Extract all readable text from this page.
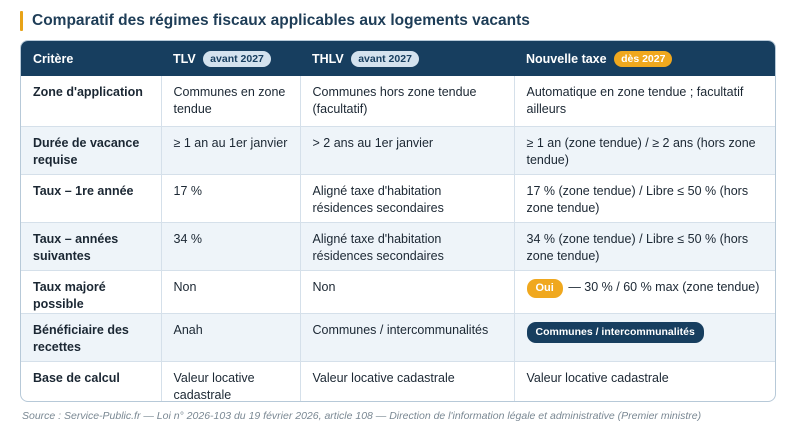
Comparatif des régimes fiscaux applicables aux logements vacants
Critère	TLV avant 2027	THLV avant 2027	Nouvelle taxe dès 2027
Zone d'application	Communes en zone tendue	Communes hors zone tendue (facultatif)	Automatique en zone tendue ; facultatif ailleurs
Durée de vacance requise	≥ 1 an au 1er janvier	> 2 ans au 1er janvier	≥ 1 an (zone tendue) / ≥ 2 ans (hors zone tendue)
Taux – 1re année	17 %	Aligné taxe d'habitation résidences secondaires	17 % (zone tendue) / Libre ≤ 50 % (hors zone tendue)
Taux – années suivantes	34 %	Aligné taxe d'habitation résidences secondaires	34 % (zone tendue) / Libre ≤ 50 % (hors zone tendue)
Taux majoré possible	Non	Non	Oui — 30 % / 60 % max (zone tendue)
Bénéficiaire des recettes	Anah	Communes / intercommunalités	Communes / intercommunalités
Base de calcul	Valeur locative cadastrale	Valeur locative cadastrale	Valeur locative cadastrale

Source : Service-Public.fr — Loi n° 2026-103 du 19 février 2026, article 108 — Direction de l'information légale et administrative (Premier ministre)
